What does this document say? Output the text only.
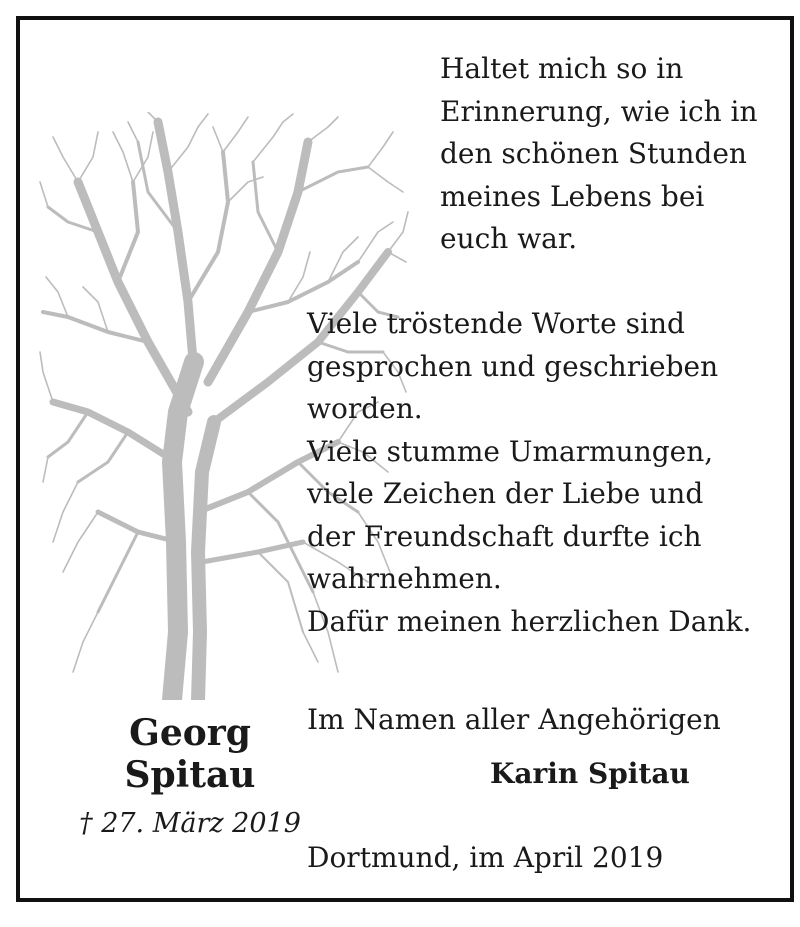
Haltet mich so in
Erinnerung, wie ich in
den schönen Stunden
meines Lebens bei
euch war.
Viele tröstende Worte sind
gesprochen und geschrieben
worden.
Viele stumme Umarmungen,
viele Zeichen der Liebe und
der Freundschaft durfte ich
wahrnehmen.
Dafür meinen herzlichen Dank.
Georg
Spitau
† 27. März 2019

Im Namen aller Angehörigen

Karin Spitau

Dortmund, im April 2019
